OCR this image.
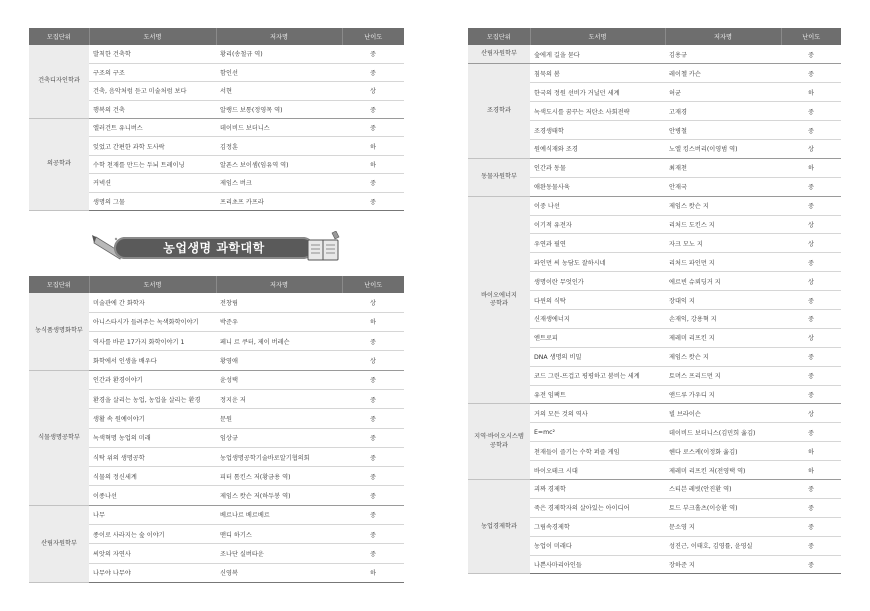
모집단위	도서명	저자명	난이도
건축디자인학과	발칙한 건축학	황리(송철규 역)	중
	구조의 구조	함인선	중
	건축, 음악처럼 듣고 미술처럼 보다	서현	상
	행복의 건축	알랭드 보통(정영목 역)	중
의공학과	엘러건트 유니버스	데이비드 보더니스	중
	잊었고 간편한 과학 도사락	김정훈	하
	수학 천재를 만드는 두뇌 트레이닝	알폰스 보이셈(임유역 역)	하
	커넥션	제임스 버크	중
	생명의 그물	프리초프 카프라	중
농업생명 과학대학
모집단위	도서명	저자명	난이도
농식품생명화학부	미술관에 간 화학자	전창림	상
	아니스타시가 들려주는 녹색화학이야기	박준우	하
	역사를 바꾼 17가지 화학이야기 1	페니 르 쿠터, 제이 버레슨	중
	화학에서 인생을 배우다	황영애	상
식물생명공학부	인간과 환경이야기	윤성택	중
	환경을 살리는 농업, 농업을 살리는 환경	정지운 저	중
	생활 속 원예이야기	문원	중
	녹색혁명 농업의 미래	임상규	중
	식탁 위의 생명공학	농업생명공학기술바로알기협의회	중
	식물의 정신세계	피터 톰킨스 저(황금용 역)	중
	이종나선	제임스 왓슨 저(하두봉 역)	중
산림자원학부	나무	베르나르 베르베르	중
	종이로 사라지는 숲 이야기	맨디 하기스	중
	씨앗의 자연사	조나단 실버타운	중
	나무야 나무야	신영복	하
모집단위	도서명	저자명	난이도
산림자원학부	숲에게 길을 묻다	김용규	중
조경학과	침묵의 봄	레이첼 카슨	중
	한국의 정원 선비가 거닐던 세계	허균	하
	녹색도시를 꿈꾸는 저탄소 사회전략	고재경	중
	조경생태학	안병철	중
	원예식재와 조경	노엘 킹스버리(이영범 역)	상
동물자원학부	인간과 동물	최재천	하
	애완동물사육	안재국	중
바이오에너지
공학과	이중 나선	제임스 왓슨 지	중
	이기적 유전자	리처드 도킨스 지	상
	우연과 필연	자크 모노 지	상
	파인먼 씨 농담도 잘하시네	리처드 파인먼 지	중
	생명이란 무엇인가	에르빈 슈뢰딩거 지	상
	다윈의 식탁	장대익 지	중
	신재생에너지	손재익, 강용혁 지	중
	엔트로피	제레미 리프킨 지	상
	DNA 생명의 비밀	제임스 왓슨 지	중
	코드 그린-뜨겁고 평평하고 붐비는 세계	토머스 프리드먼 지	중
	유전 임팩트	앤드루 가우디 지	중
지역·바이오시스템
공학과	거의 모든 것의 역사	빌 브라이슨	상
	E=mc²	데이비드 보더니스(김민희 옮김)	중
	천재들이 즐기는 수학 퍼즐 게임	헨다 로스케(이정화 옮김)	하
	바이오테크 시대	제레미 리프킨 저(전영택 역)	하
농업경제학과	괴짜 경제학	스티븐 레빗(안진환 역)	중
	죽은 경제학자의 살아있는 아이디어	토드 부크홀츠(이승환 역)	중
	그림속경제학	문소영 지	중
	농업이 미래다	성진근, 이태호, 김영률, 윤영실	중
	나쁜사마리아인들	장하준 지	중
